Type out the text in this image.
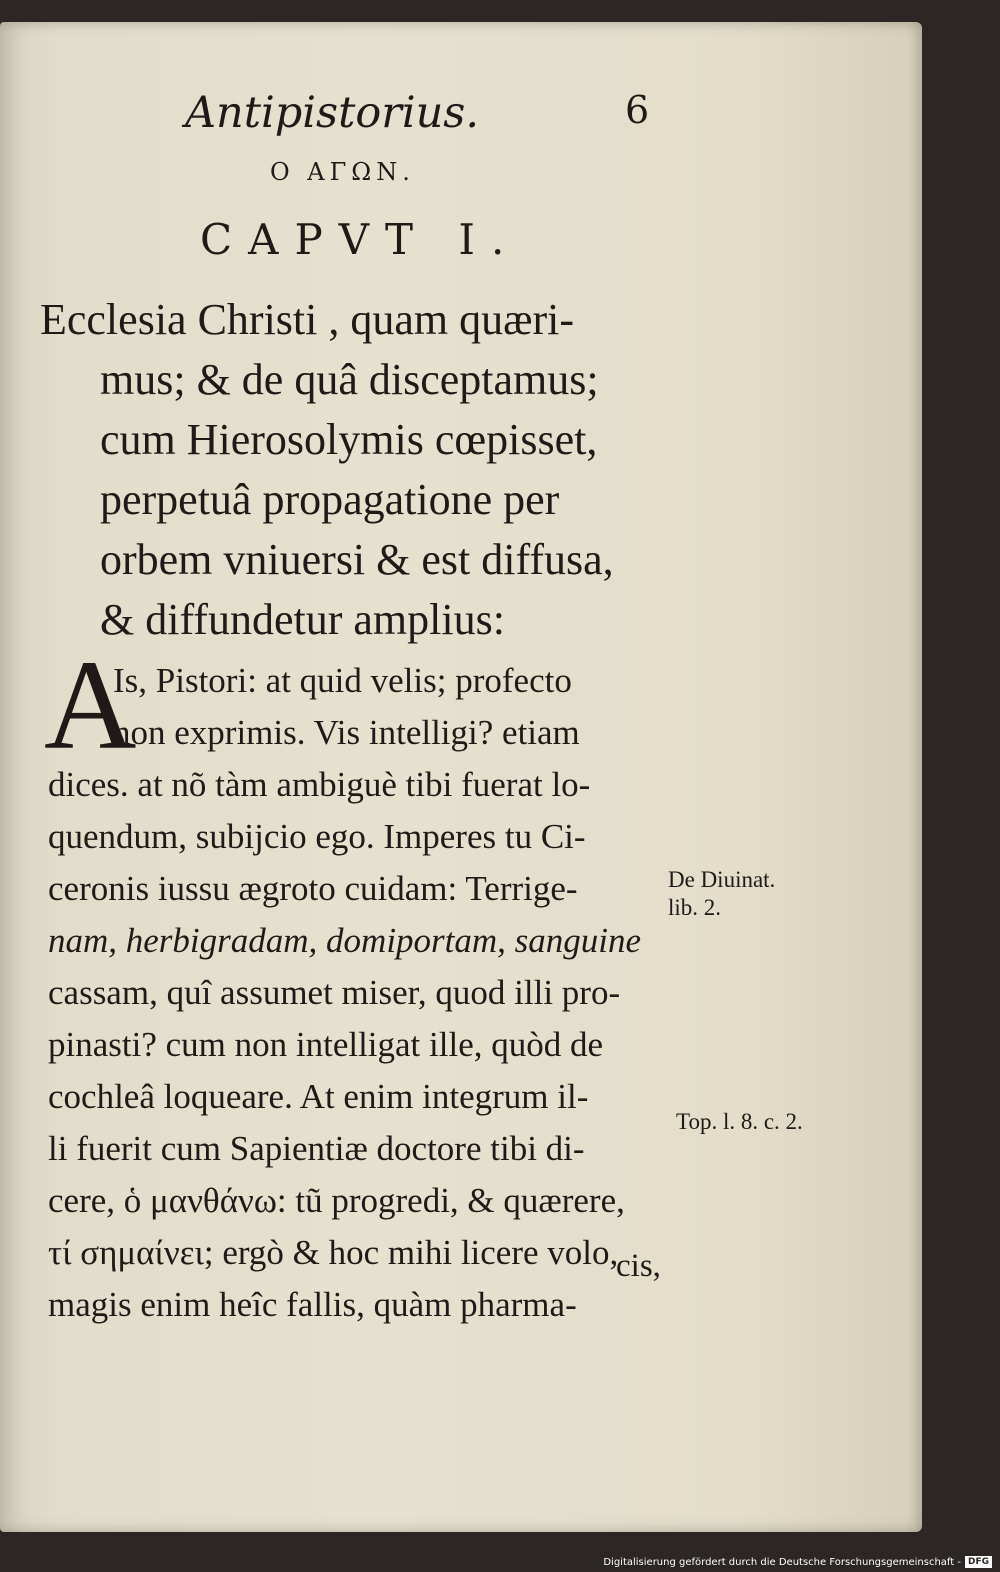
Antipistorius.	6
Ο ΑΓΩΝ.
CAPVT I.
Ecclesia Christi , quam quæri-
mus; & de quâ disceptamus;
cum Hierosolymis cœpisset,
perpetuâ propagatione per
orbem vniuersi & est diffusa,
& diffundetur amplius:
A
Is, Pistori: at quid velis; profecto
non exprimis. Vis intelligi? etiam
dices. at nõ tàm ambiguè tibi fuerat lo-
quendum, subijcio ego. Imperes tu Ci-
ceronis iussu ægroto cuidam: Terrige-
nam, herbigradam, domiportam, sanguine
cassam, quî assumet miser, quod illi pro-
pinasti? cum non intelligat ille, quòd de
cochleâ loqueare. At enim integrum il-
li fuerit cum Sapientiæ doctore tibi di-
cere, ὁ μανθάνω: tũ progredi, & quærere,
τί σημαίνει; ergò & hoc mihi licere volo,
magis enim heîc fallis, quàm pharma-
De Diuinat.
lib. 2.
Top. l. 8. c. 2.
cis,
Digitalisierung gefördert durch die Deutsche Forschungsgemeinschaft - DFG
